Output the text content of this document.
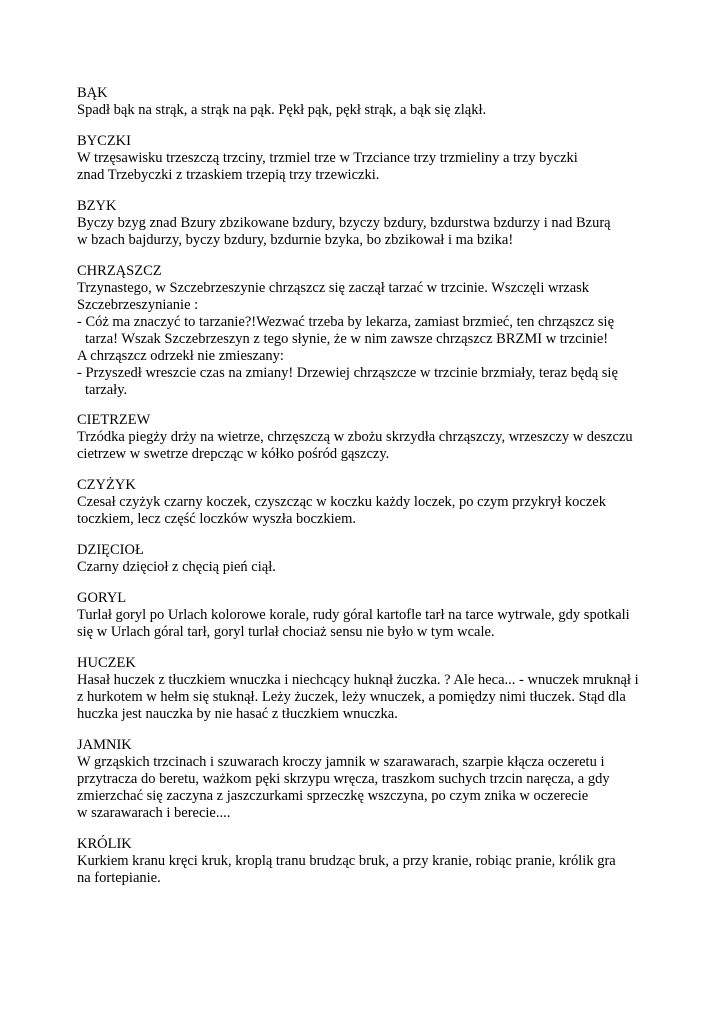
BĄK
Spadł bąk na strąk, a strąk na pąk. Pękł pąk, pękł strąk, a bąk się zląkł.
BYCZKI
W trzęsawisku trzeszczą trzciny, trzmiel trze w Trzciance trzy trzmieliny a trzy byczki
znad Trzebyczki z trzaskiem trzepią trzy trzewiczki.
BZYK
Byczy bzyg znad Bzury zbzikowane bzdury, bzyczy bzdury, bzdurstwa bzdurzy i nad Bzurą
w bzach bajdurzy, byczy bzdury, bzdurnie bzyka, bo zbzikował i ma bzika!
CHRZĄSZCZ
Trzynastego, w Szczebrzeszynie chrząszcz się zaczął tarzać w trzcinie. Wszczęli wrzask
Szczebrzeszynianie :
- Cóż ma znaczyć to tarzanie?!Wezwać trzeba by lekarza, zamiast brzmieć, ten chrząszcz się
tarza! Wszak Szczebrzeszyn z tego słynie, że w nim zawsze chrząszcz BRZMI w trzcinie!
A chrząszcz odrzekł nie zmieszany:
- Przyszedł wreszcie czas na zmiany! Drzewiej chrząszcze w trzcinie brzmiały, teraz będą się
tarzały.
CIETRZEW
Trzódka piegży drży na wietrze, chrzęszczą w zbożu skrzydła chrząszczy, wrzeszczy w deszczu
cietrzew w swetrze drepcząc w kółko pośród gąszczy.
CZYŻYK
Czesał czyżyk czarny koczek, czyszcząc w koczku każdy loczek, po czym przykrył koczek
toczkiem, lecz część loczków wyszła boczkiem.
DZIĘCIOŁ
Czarny dzięcioł z chęcią pień ciął.
GORYL
Turlał goryl po Urlach kolorowe korale, rudy góral kartofle tarł na tarce wytrwale, gdy spotkali
się w Urlach góral tarł, goryl turlał chociaż sensu nie było w tym wcale.
HUCZEK
Hasał huczek z tłuczkiem wnuczka i niechcący huknął żuczka. ? Ale heca... - wnuczek mruknął i
z hurkotem w hełm się stuknął. Leży żuczek, leży wnuczek, a pomiędzy nimi tłuczek. Stąd dla
huczka jest nauczka by nie hasać z tłuczkiem wnuczka.
JAMNIK
W grząskich trzcinach i szuwarach kroczy jamnik w szarawarach, szarpie kłącza oczeretu i
przytracza do beretu, ważkom pęki skrzypu wręcza, traszkom suchych trzcin naręcza, a gdy
zmierzchać się zaczyna z jaszczurkami sprzeczkę wszczyna, po czym znika w oczerecie
w szarawarach i berecie....
KRÓLIK
Kurkiem kranu kręci kruk, kroplą tranu brudząc bruk, a przy kranie, robiąc pranie, królik gra
na fortepianie.
